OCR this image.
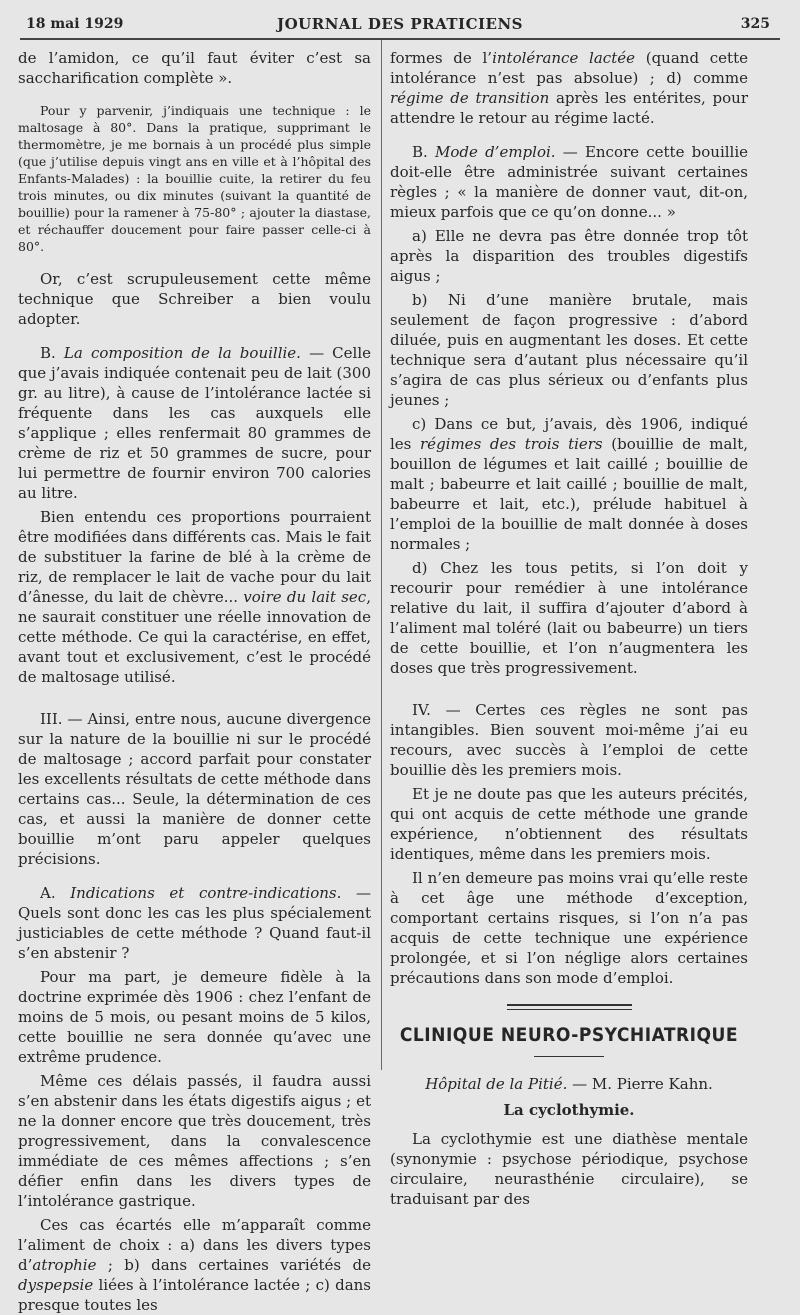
18 mai 1929	JOURNAL DES PRATICIENS	325

de l’amidon, ce qu’il faut éviter c’est sa saccharification complète ».

Pour y parvenir, j’indiquais une technique : le maltosage à 80°. Dans la pratique, supprimant le thermomètre, je me bornais à un procédé plus simple (que j’utilise depuis vingt ans en ville et à l’hôpital des Enfants-Malades) : la bouillie cuite, la retirer du feu trois minutes, ou dix minutes (suivant la quantité de bouillie) pour la ramener à 75-80° ; ajouter la diastase, et réchauffer doucement pour faire passer celle-ci à 80°.

Or, c’est scrupuleusement cette même technique que Schreiber a bien voulu adopter.

B. La composition de la bouillie. — Celle que j’avais indiquée contenait peu de lait (300 gr. au litre), à cause de l’intolérance lactée si fréquente dans les cas auxquels elle s’applique ; elles renfermait 80 grammes de crème de riz et 50 grammes de sucre, pour lui permettre de fournir environ 700 calories au litre.

Bien entendu ces proportions pourraient être modifiées dans différents cas. Mais le fait de substituer la farine de blé à la crème de riz, de remplacer le lait de vache pour du lait d’ânesse, du lait de chèvre... voire du lait sec, ne saurait constituer une réelle innovation de cette méthode. Ce qui la caractérise, en effet, avant tout et exclusivement, c’est le procédé de maltosage utilisé.

III. — Ainsi, entre nous, aucune divergence sur la nature de la bouillie ni sur le procédé de maltosage ; accord parfait pour constater les excellents résultats de cette méthode dans certains cas... Seule, la détermination de ces cas, et aussi la manière de donner cette bouillie m’ont paru appeler quelques précisions.

A. Indications et contre-indications. — Quels sont donc les cas les plus spécialement justiciables de cette méthode ? Quand faut-il s’en abstenir ?

Pour ma part, je demeure fidèle à la doctrine exprimée dès 1906 : chez l’enfant de moins de 5 mois, ou pesant moins de 5 kilos, cette bouillie ne sera donnée qu’avec une extrême prudence.

Même ces délais passés, il faudra aussi s’en abstenir dans les états digestifs aigus ; et ne la donner encore que très doucement, très progressivement, dans la convalescence immédiate de ces mêmes affections ; s’en défier enfin dans les divers types de l’intolérance gastrique.

Ces cas écartés elle m’apparaît comme l’aliment de choix : a) dans les divers types d’atrophie ; b) dans certaines variétés de dyspepsie liées à l’intolérance lactée ; c) dans presque toutes les

formes de l’intolérance lactée (quand cette intolérance n’est pas absolue) ; d) comme régime de transition après les entérites, pour attendre le retour au régime lacté.

B. Mode d’emploi. — Encore cette bouillie doit-elle être administrée suivant certaines règles ; « la manière de donner vaut, dit-on, mieux parfois que ce qu’on donne... »

a) Elle ne devra pas être donnée trop tôt après la disparition des troubles digestifs aigus ;

b) Ni d’une manière brutale, mais seulement de façon progressive : d’abord diluée, puis en augmentant les doses. Et cette technique sera d’autant plus nécessaire qu’il s’agira de cas plus sérieux ou d’enfants plus jeunes ;

c) Dans ce but, j’avais, dès 1906, indiqué les régimes des trois tiers (bouillie de malt, bouillon de légumes et lait caillé ; bouillie de malt ; babeurre et lait caillé ; bouillie de malt, babeurre et lait, etc.), prélude habituel à l’emploi de la bouillie de malt donnée à doses normales ;

d) Chez les tous petits, si l’on doit y recourir pour remédier à une intolérance relative du lait, il suffira d’ajouter d’abord à l’aliment mal toléré (lait ou babeurre) un tiers de cette bouillie, et l’on n’augmentera les doses que très progressivement.

IV. — Certes ces règles ne sont pas intangibles. Bien souvent moi-même j’ai eu recours, avec succès à l’emploi de cette bouillie dès les premiers mois.

Et je ne doute pas que les auteurs précités, qui ont acquis de cette méthode une grande expérience, n’obtiennent des résultats identiques, même dans les premiers mois.

Il n’en demeure pas moins vrai qu’elle reste à cet âge une méthode d’exception, comportant certains risques, si l’on n’a pas acquis de cette technique une expérience prolongée, et si l’on néglige alors certaines précautions dans son mode d’emploi.

CLINIQUE NEURO-PSYCHIATRIQUE
Hôpital de la Pitié. — M. Pierre Kahn.
La cyclothymie.

La cyclothymie est une diathèse mentale (synonymie : psychose périodique, psychose circulaire, neurasthénie circulaire), se traduisant par des
